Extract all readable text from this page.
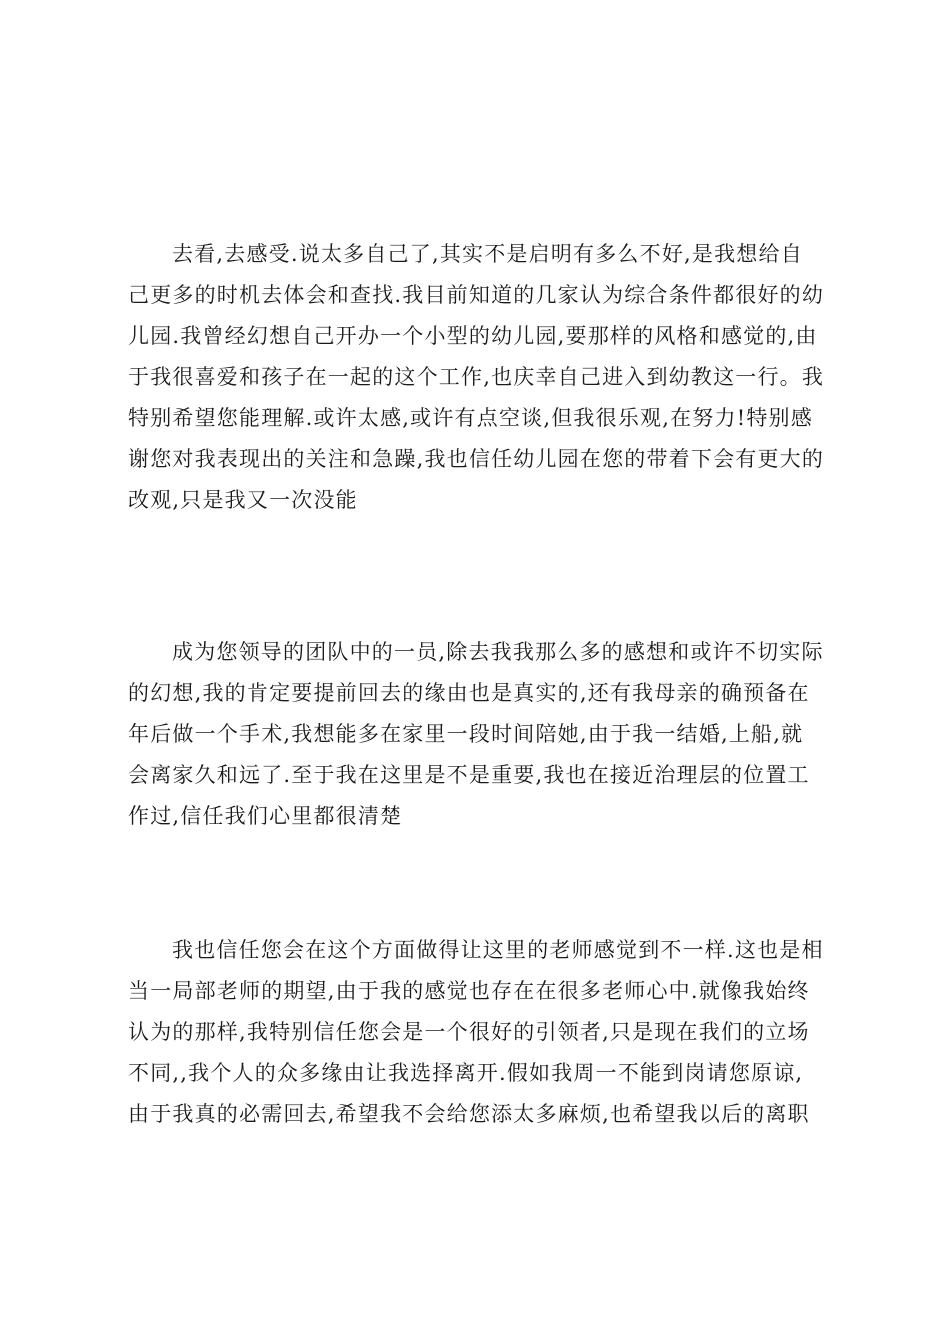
去看,去感受.说太多自己了,其实不是启明有多么不好,是我想给自
己更多的时机去体会和查找.我目前知道的几家认为综合条件都很好的幼
儿园.我曾经幻想自己开办一个小型的幼儿园,要那样的风格和感觉的,由
于我很喜爱和孩子在一起的这个工作,也庆幸自己进入到幼教这一行。我
特别希望您能理解.或许太感,或许有点空谈,但我很乐观,在努力!特别感
谢您对我表现出的关注和急躁,我也信任幼儿园在您的带着下会有更大的
改观,只是我又一次没能
成为您领导的团队中的一员,除去我我那么多的感想和或许不切实际
的幻想,我的肯定要提前回去的缘由也是真实的,还有我母亲的确预备在
年后做一个手术,我想能多在家里一段时间陪她,由于我一结婚,上船,就
会离家久和远了.至于我在这里是不是重要,我也在接近治理层的位置工
作过,信任我们心里都很清楚
我也信任您会在这个方面做得让这里的老师感觉到不一样.这也是相
当一局部老师的期望,由于我的感觉也存在在很多老师心中.就像我始终
认为的那样,我特别信任您会是一个很好的引领者,只是现在我们的立场
不同,,我个人的众多缘由让我选择离开.假如我周一不能到岗请您原谅,
由于我真的必需回去,希望我不会给您添太多麻烦,也希望我以后的离职
